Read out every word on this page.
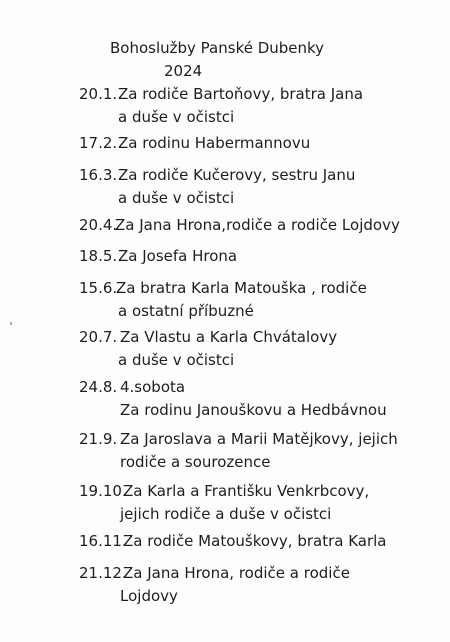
Bohoslužby Panské Dubenky
2024
20.1. Za rodiče Bartoňovy, bratra Jana
a duše v očistci
17.2. Za rodinu Habermannovu
16.3. Za rodiče Kučerovy, sestru Janu
a duše v očistci
20.4.
Za Jana Hrona,rodiče a rodiče Lojdovy
18.5. Za Josefa Hrona
15.6.
Za bratra Karla Matouška , rodiče
a ostatní příbuzné
20.7. Za Vlastu a Karla Chvátalovy
a duše v očistci
24.8. 4.sobota
Za rodinu Janouškovu a Hedbávnou
21.9. Za Jaroslava a Marii Matějkovy, jejich
rodiče a sourozence
19.10.
Za Karla a Františku Venkrbcovy,
jejich rodiče a duše v očistci
16.11.
Za rodiče Matouškovy, bratra Karla
21.12.
Za Jana Hrona, rodiče a rodiče
Lojdovy
